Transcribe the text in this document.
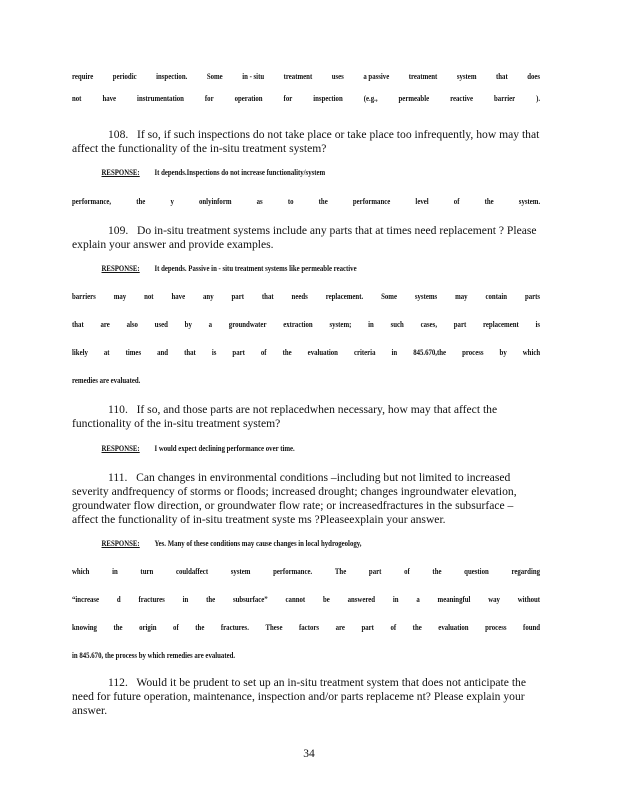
require periodic inspection. Some in - situ treatment uses a passive treatment system that does
not	have	instrumentation	for	operation	for	inspection	(e.g.,	permeable	reactive	barrier	).

108. If so, if such inspections do not take place or take place too infrequently, how may that affect the functionality of the in-situ treatment system?

RESPONSE: It depends.Inspections do not increase functionality/system
performance,	the	y	onlyinform	as	to	the	performance	level	of	the	system.

109. Do in-situ treatment systems include any parts that at times need replacement ? Please explain your answer and provide examples.

RESPONSE: It depends. Passive in - situ treatment systems like permeable reactive
barriers may not have any part that needs replacement. Some systems may contain parts
that are also used by a groundwater extraction system; in such cases, part replacement is
likely at times and that is part of the evaluation criteria in 845.670,the process by which
remedies are evaluated.

110. If so, and those parts are not replacedwhen necessary, how may that affect the functionality of the in-situ treatment system?

RESPONSE: I would expect declining performance over time.

111. Can changes in environmental conditions –including but not limited to increased severity andfrequency of storms or floods; increased drought; changes ingroundwater elevation, groundwater flow direction, or groundwater flow rate; or increasedfractures in the subsurface – affect the functionality of in-situ treatment syste ms ?Pleaseexplain your answer.

RESPONSE: Yes. Many of these conditions may cause changes in local hydrogeology,
which	in	turn	couldaffect	system	performance.	The	part	of	the	question	regarding
“increase d fractures in the subsurface” cannot be answered in a meaningful way without
knowing the origin of the fractures. These factors are part of the evaluation process found
in 845.670, the process by which remedies are evaluated.

112. Would it be prudent to set up an in-situ treatment system that does not anticipate the need for future operation, maintenance, inspection and/or parts replaceme nt? Please explain your answer.

34
